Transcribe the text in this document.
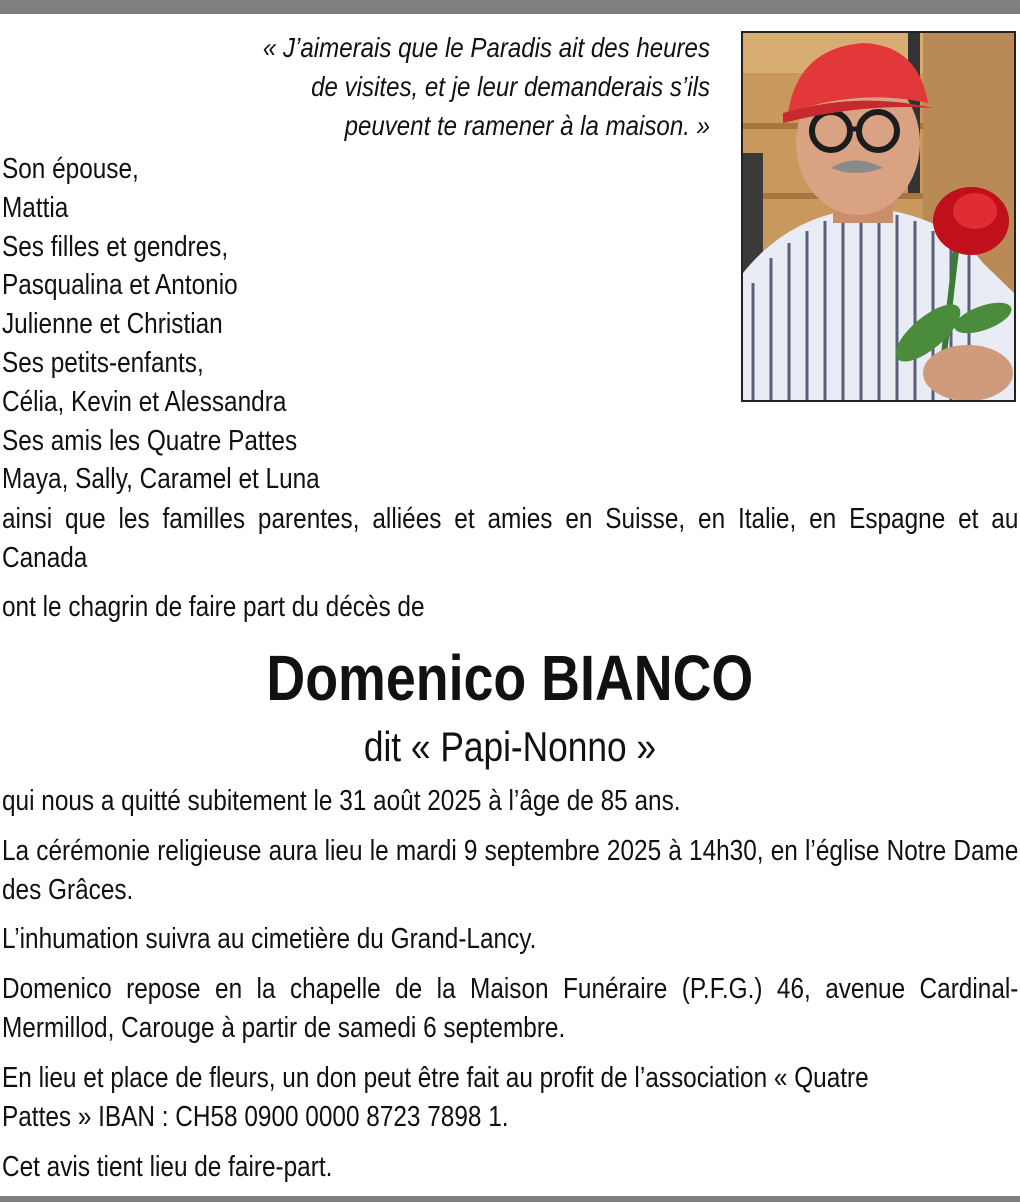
« J’aimerais que le Paradis ait des heures
de visites, et je leur demanderais s’ils
peuvent te ramener à la maison. »
Son épouse,
Mattia
Ses filles et gendres,
Pasqualina et Antonio
Julienne et Christian
Ses petits-enfants,
Célia, Kevin et Alessandra
Ses amis les Quatre Pattes
Maya, Sally, Caramel et Luna
ainsi que les familles parentes, alliées et amies en Suisse, en Italie, en Espagne et au Canada
ont le chagrin de faire part du décès de
Domenico BIANCO
dit « Papi-Nonno »
qui nous a quitté subitement le 31 août 2025 à l’âge de 85 ans.
La cérémonie religieuse aura lieu le mardi 9 septembre 2025 à 14h30, en l’église Notre Dame des Grâces.
L’inhumation suivra au cimetière du Grand-Lancy.
Domenico repose en la chapelle de la Maison Funéraire (P.F.G.) 46, avenue Cardinal-Mermillod, Carouge à partir de samedi 6 septembre.
En lieu et place de fleurs, un don peut être fait au profit de l’association « Quatre Pattes » IBAN : CH58 0900 0000 8723 7898 1.
Cet avis tient lieu de faire-part.
